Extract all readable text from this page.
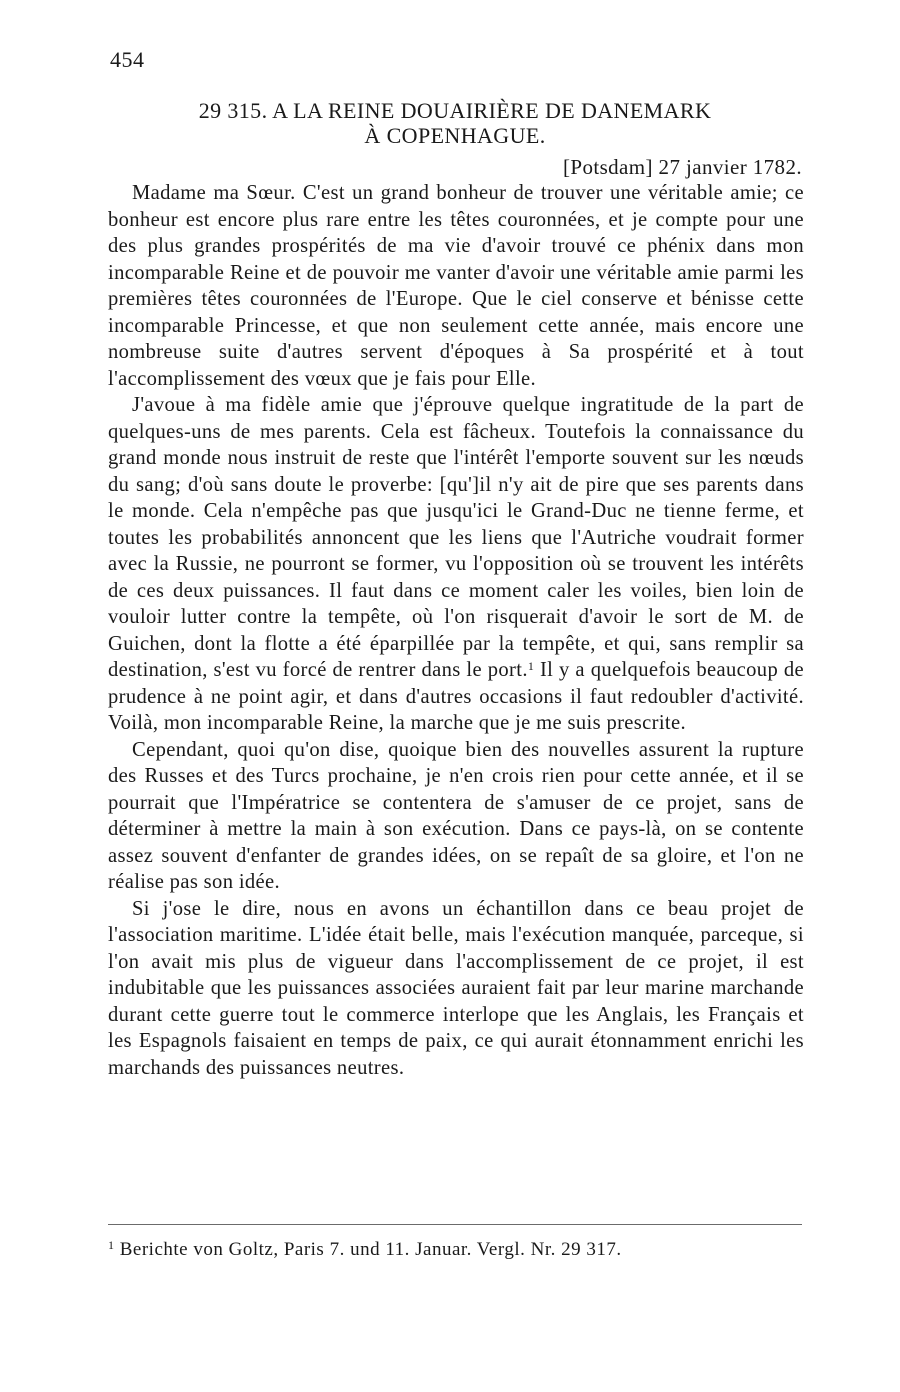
454
29 315. A LA REINE DOUAIRIÈRE DE DANEMARK
À COPENHAGUE.
[Potsdam] 27 janvier 1782.

Madame ma Sœur. C'est un grand bonheur de trouver une véritable amie; ce bonheur est encore plus rare entre les têtes couronnées, et je compte pour une des plus grandes prospérités de ma vie d'avoir trouvé ce phénix dans mon incomparable Reine et de pouvoir me vanter d'avoir une véritable amie parmi les premières têtes couronnées de l'Europe. Que le ciel conserve et bénisse cette incomparable Princesse, et que non seulement cette année, mais encore une nombreuse suite d'autres servent d'époques à Sa prospérité et à tout l'accomplissement des vœux que je fais pour Elle.

J'avoue à ma fidèle amie que j'éprouve quelque ingratitude de la part de quelques-uns de mes parents. Cela est fâcheux. Toutefois la connaissance du grand monde nous instruit de reste que l'intérêt l'emporte souvent sur les nœuds du sang; d'où sans doute le proverbe: [qu']il n'y ait de pire que ses parents dans le monde. Cela n'empêche pas que jusqu'ici le Grand-Duc ne tienne ferme, et toutes les probabilités annoncent que les liens que l'Autriche voudrait former avec la Russie, ne pourront se former, vu l'opposition où se trouvent les intérêts de ces deux puissances. Il faut dans ce moment caler les voiles, bien loin de vouloir lutter contre la tempête, où l'on risquerait d'avoir le sort de M. de Guichen, dont la flotte a été éparpillée par la tempête, et qui, sans remplir sa destination, s'est vu forcé de rentrer dans le port.$^1$ Il y a quelquefois beaucoup de prudence à ne point agir, et dans d'autres occasions il faut redoubler d'activité. Voilà, mon incomparable Reine, la marche que je me suis prescrite.

Cependant, quoi qu'on dise, quoique bien des nouvelles assurent la rupture des Russes et des Turcs prochaine, je n'en crois rien pour cette année, et il se pourrait que l'Impératrice se contentera de s'amuser de ce projet, sans de déterminer à mettre la main à son exécution. Dans ce pays-là, on se contente assez souvent d'enfanter de grandes idées, on se repaît de sa gloire, et l'on ne réalise pas son idée.

Si j'ose le dire, nous en avons un échantillon dans ce beau projet de l'association maritime. L'idée était belle, mais l'exécution manquée, parceque, si l'on avait mis plus de vigueur dans l'accomplissement de ce projet, il est indubitable que les puissances associées auraient fait par leur marine marchande durant cette guerre tout le commerce interlope que les Anglais, les Français et les Espagnols faisaient en temps de paix, ce qui aurait étonnamment enrichi les marchands des puissances neutres.

$^1$ Berichte von Goltz, Paris 7. und 11. Januar. Vergl. Nr. 29 317.
